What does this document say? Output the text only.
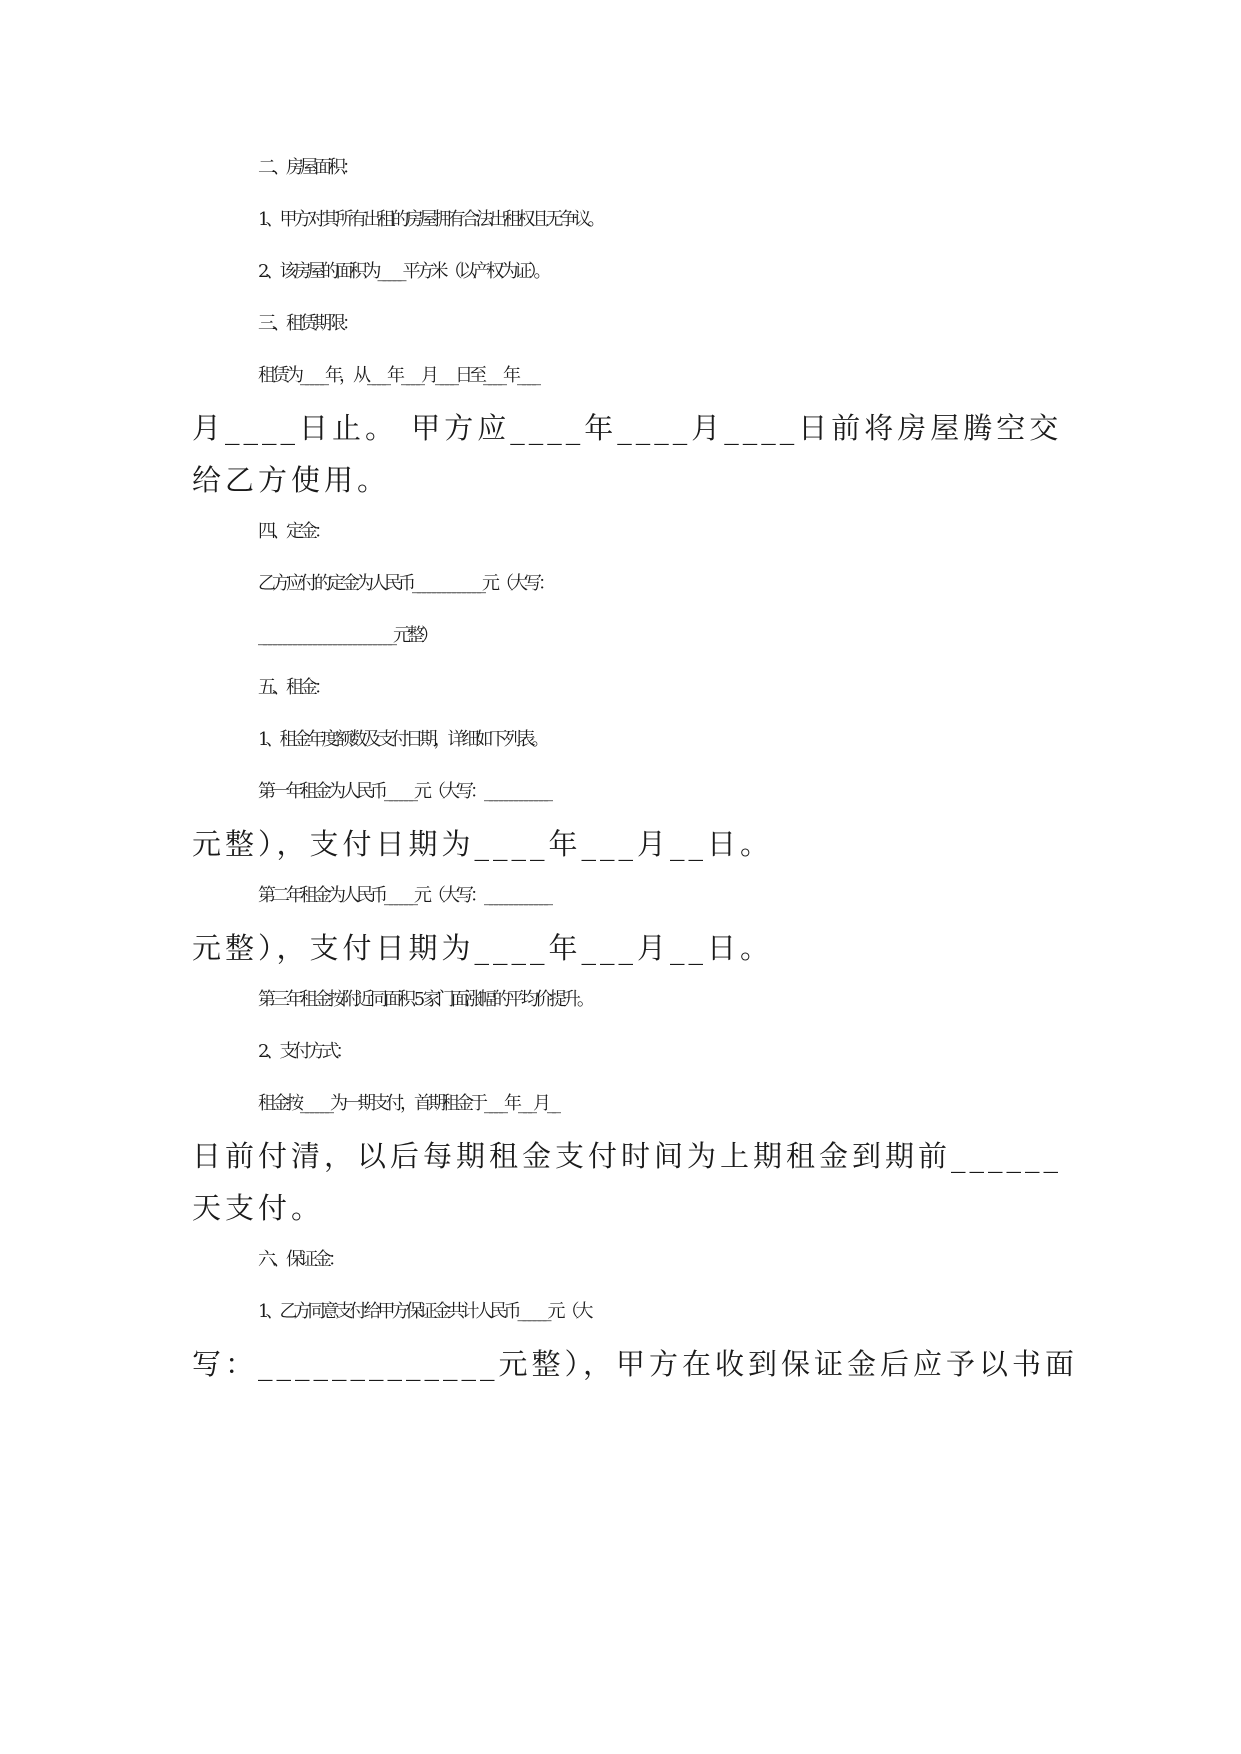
二、房屋面积：
1、甲方对其所有出租的房屋拥有合法出租权且无争议。
2、该房屋的面积为_____平方米（以产权为证）。
三、租赁期限：
租赁为_____年，从____年____月____日至____年____
月____日止。 甲方应____年____月____日前将房屋腾空交
给乙方使用。
四、定金：
乙方应付的定金为人民币______________元（大写：
___________________________元整）
五、租金：
1、租金年度额数及支付日期，详细如下列表。
第一年租金为人民币______元（大写：_____________
元整），支付日期为____年___月__日。
第二年租金为人民币______元（大写：_____________
元整），支付日期为____年___月__日。
第三年租金按附近同面积 5 家门面涨幅的平均价提升。
2、支付方式：
租金按______为一期支付，首期租金于____年___月__
日前付清，以后每期租金支付时间为上期租金到期前______
天支付。
六、保证金：
1、乙方同意支付给甲方保证金共计人民币______元（大
写：_____________元整），甲方在收到保证金后应予以书面
